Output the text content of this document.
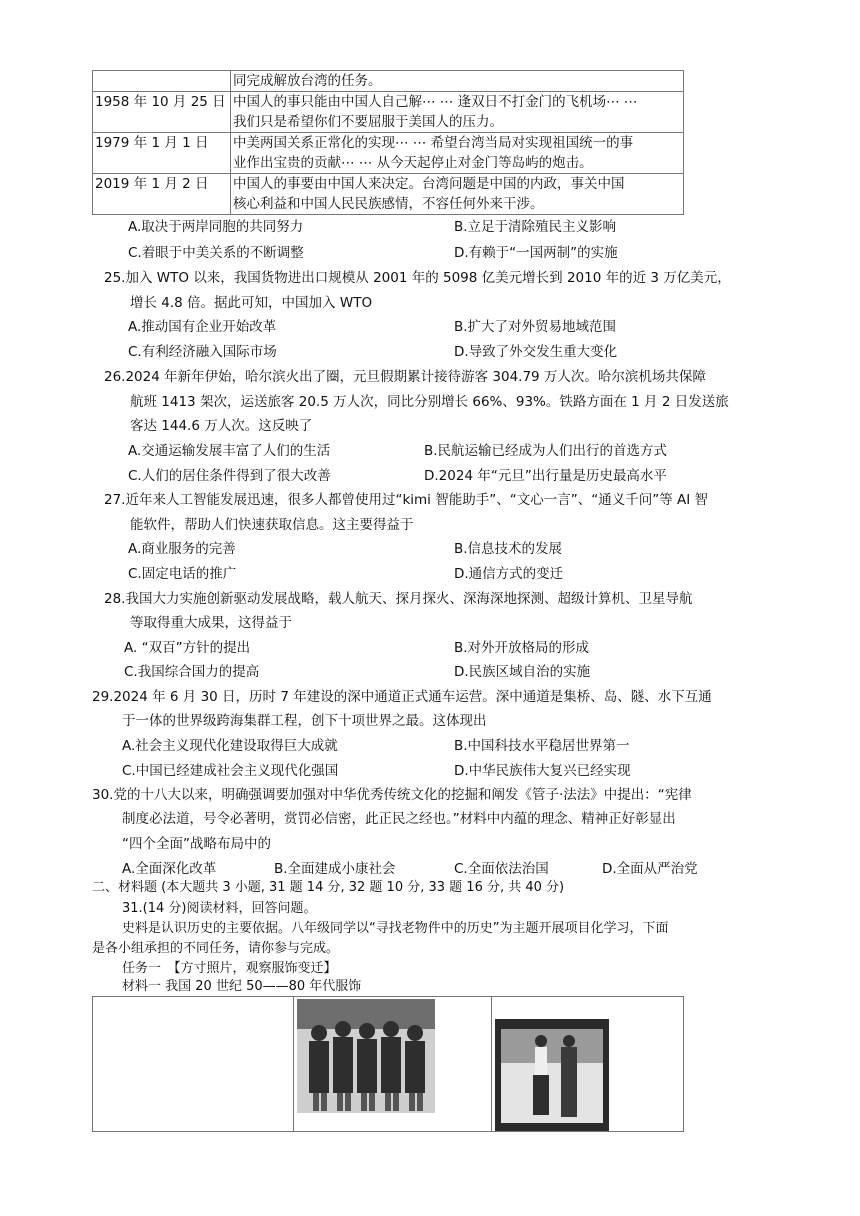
	同完成解放台湾的任务。
1958 年 10 月 25 日	中国人的事只能由中国人自己解⋯ ⋯ 逢双日不打金门的飞机场⋯ ⋯
我们只是希望你们不要屈服于美国人的压力。
1979 年 1 月 1 日	中美两国关系正常化的实现⋯ ⋯ 希望台湾当局对实现祖国统一的事
业作出宝贵的贡献⋯ ⋯ 从今天起停止对金门等岛屿的炮击。
2019 年 1 月 2 日	中国人的事要由中国人来决定。台湾问题是中国的内政，事关中国
核心利益和中国人民民族感情，不容任何外来干涉。
A.取决于两岸同胞的共同努力	B.立足于清除殖民主义影响
C.着眼于中美关系的不断调整	D.有赖于“一国两制”的实施
25.加入 WTO 以来，我国货物进出口规模从 2001 年的 5098 亿美元增长到 2010 年的近 3 万亿美元，
增长 4.8 倍。据此可知，中国加入 WTO
A.推动国有企业开始改革	B.扩大了对外贸易地域范围
C.有利经济融入国际市场	D.导致了外交发生重大变化
26.2024 年新年伊始，哈尔滨火出了圈，元旦假期累计接待游客 304.79 万人次。哈尔滨机场共保障
航班 1413 架次，运送旅客 20.5 万人次，同比分别增长 66%、93%。铁路方面在 1 月 2 日发送旅
客达 144.6 万人次。这反映了
A.交通运输发展丰富了人们的生活	B.民航运输已经成为人们出行的首选方式
C.人们的居住条件得到了很大改善	D.2024 年“元旦”出行量是历史最高水平
27.近年来人工智能发展迅速，很多人都曾使用过“kimi 智能助手”、“文心一言”、“通义千问”等 AI 智
能软件，帮助人们快速获取信息。这主要得益于
A.商业服务的完善	B.信息技术的发展
C.固定电话的推广	D.通信方式的变迁
28.我国大力实施创新驱动发展战略，载人航天、探月探火、深海深地探测、超级计算机、卫星导航
等取得重大成果，这得益于
A. “双百”方针的提出	B.对外开放格局的形成
C.我国综合国力的提高	D.民族区域自治的实施
29.2024 年 6 月 30 日，历时 7 年建设的深中通道正式通车运营。深中通道是集桥、岛、隧、水下互通
于一体的世界级跨海集群工程，创下十项世界之最。这体现出
A.社会主义现代化建设取得巨大成就	B.中国科技水平稳居世界第一
C.中国已经建成社会主义现代化强国	D.中华民族伟大复兴已经实现
30.党的十八大以来，明确强调要加强对中华优秀传统文化的挖掘和阐发《管子·法法》中提出：“宪律
制度必法道，号令必著明，赏罚必信密，此正民之经也。”材料中内蕴的理念、精神正好彰显出
“四个全面”战略布局中的
A.全面深化改革	B.全面建成小康社会	C.全面依法治国	D.全面从严治党
二、材料题 (本大题共 3 小题, 31 题 14 分, 32 题 10 分, 33 题 16 分, 共 40 分)
31.(14 分)阅读材料，回答问题。
史料是认识历史的主要依据。八年级同学以“寻找老物件中的历史”为主题开展项目化学习，下面
是各小组承担的不同任务，请你参与完成。
任务一　【方寸照片，观察服饰变迁】
材料一 我国 20 世纪 50——80 年代服饰
